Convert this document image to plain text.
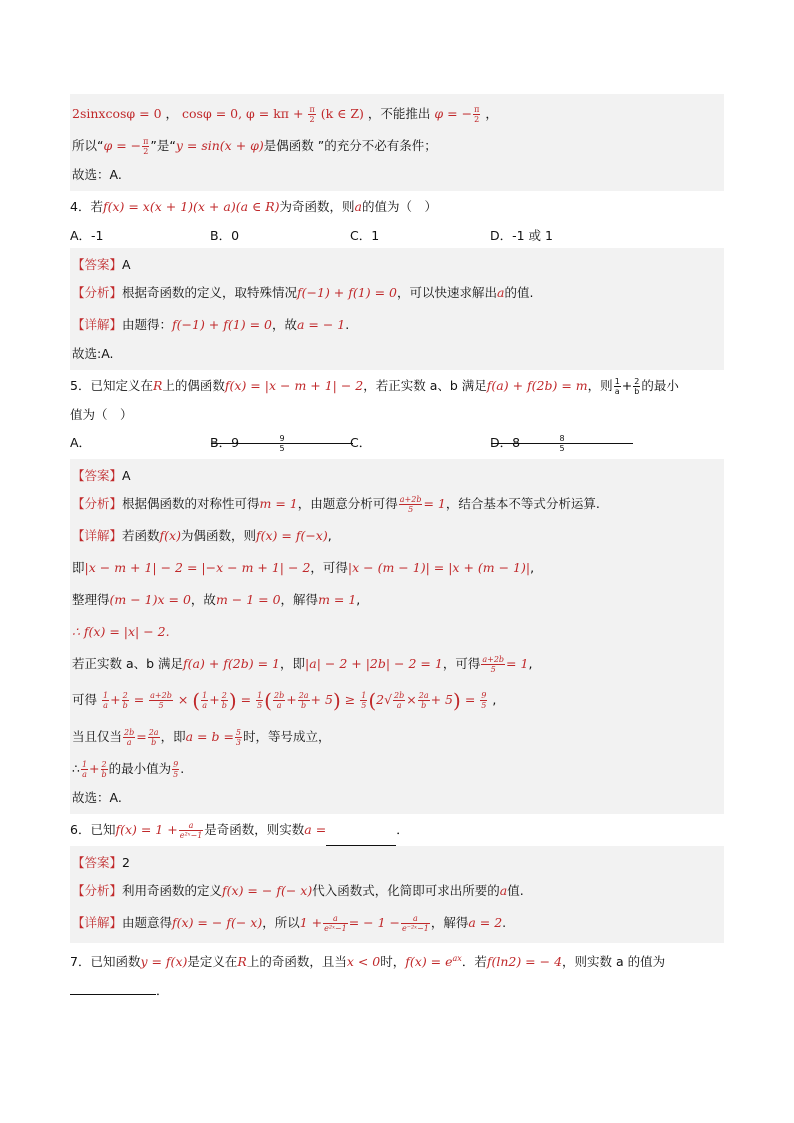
2sinxcosφ = 0 ， cosφ = 0, $\varphi = k\pi + \frac{\pi}{2} (k$ ∈ Z) ，不能推出 φ = − $\frac{\pi}{2}$ ，
所以“φ = − $\frac{\pi}{2}$ ”是“y = sin(x + φ)是偶函数 ”的充分不必有条件；
故选：A.
4．若f(x) = x(x + 1)(x + a)(a ∈ R)为奇函数，则a的值为（　）
A．-1	B．0	C．1	D．-1 或 1
【答案】A
【分析】根据奇函数的定义，取特殊情况f(−1) + f(1) = 0，可以快速求解出a的值.
【详解】由题得：f(−1) + f(1) = 0，故a = − 1.
故选:A.
5．已知定义在R上的偶函数f(x) = |x − m + 1| − 2，若正实数 a、b 满足f(a) + f(2b) = m，则 $\frac{1}{a} + \frac{2}{b}$ 的最小
值为（　）
A．	$\frac{9}{5}$
B．9	C．	$\frac{8}{5}$
D．8
【答案】A
【分析】根据偶函数的对称性可得m = 1，由题意分析可得 $\frac{a+2b}{5} = 1$，结合基本不等式分析运算.
【详解】若函数f(x)为偶函数，则f(x) = f(−x),
即|x − m + 1| − 2 = |−x − m + 1| − 2，可得|x − (m − 1)| = |x + (m − 1)|,
整理得(m − 1)x = 0，故m − 1 = 0，解得m = 1,
∴ f(x) = |x| − 2.
若正实数 a、b 满足f(a) + f(2b) = 1，即|a| − 2 + |2b| − 2 = 1，可得 $\frac{a+2b}{5} = 1$,
可得 $\frac{1}{a} + \frac{2}{b} = \frac{a+2b}{5}$ × ( $\frac{1}{a} + \frac{2}{b}$ ) = $\frac{1}{5}$ ( $\frac{2b}{a} + \frac{2a}{b} + 5) \ge \frac{1}{5} (2√ \frac{2b}{a} \times \frac{2a}{b} + 5) = \frac{9}{5}$ ,
当且仅当 $\frac{2b}{a} = \frac{2a}{b}$ ，即$a = b = \frac{5}{3}$ 时，等号成立，
∴ $\frac{1}{a} + \frac{2}{b}$ 的最小值为 $\frac{9}{5}$ .
故选：A.
6．已知$f(x) = 1 + \frac{a}{\text{e²ˣ−1}}$ 是奇函数，则实数a =	．
【答案】2
【分析】利用奇函数的定义f(x) = − f(− x)代入函数式，化简即可求出所要的a值.
【详解】由题意得f(x) = − f(− x)，所以$1 + \frac{a}{\text{e²ˣ−1}}$ = − $1 - \frac{a}{\text{e⁻²ˣ−1}}$ ，解得a = 2.
7．已知函数y = f(x)是定义在R上的奇函数，且当x < 0时，$f(x) = e^{ax}$．若f(ln2) = − 4，则实数 a 的值为
．
